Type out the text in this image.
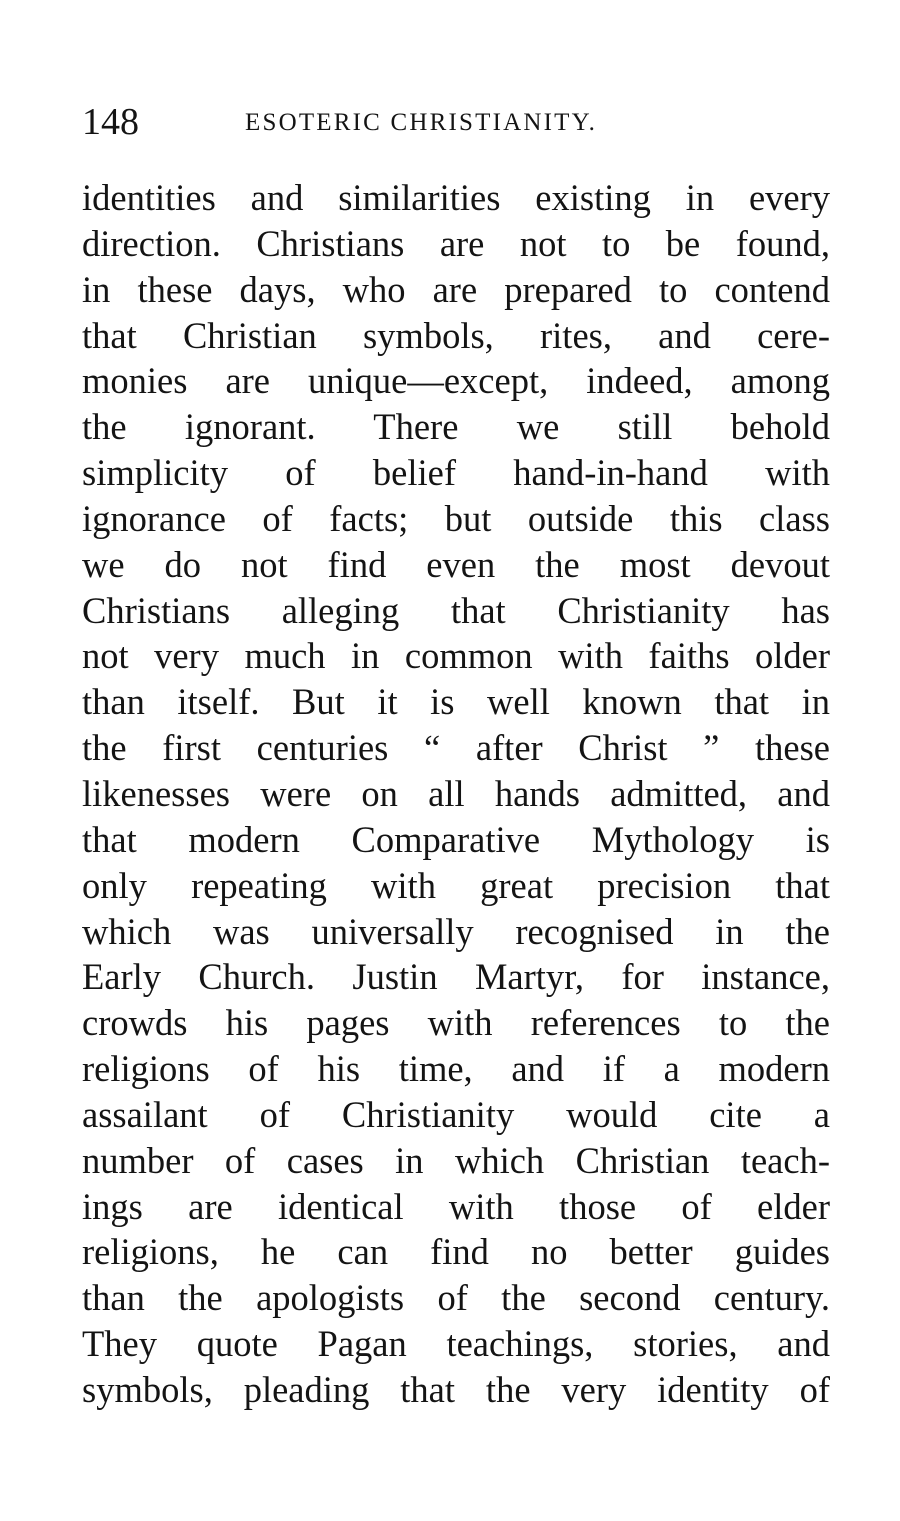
148	ESOTERIC CHRISTIANITY.
identities and similarities existing in every
direction. Christians are not to be found,
in these days, who are prepared to contend
that Christian symbols, rites, and cere-
monies are unique—except, indeed, among
the ignorant. There we still behold
simplicity of belief hand-in-hand with
ignorance of facts; but outside this class
we do not find even the most devout
Christians alleging that Christianity has
not very much in common with faiths older
than itself. But it is well known that in
the first centuries “ after Christ ” these
likenesses were on all hands admitted, and
that modern Comparative Mythology is
only repeating with great precision that
which was universally recognised in the
Early Church. Justin Martyr, for instance,
crowds his pages with references to the
religions of his time, and if a modern
assailant of Christianity would cite a
number of cases in which Christian teach-
ings are identical with those of elder
religions, he can find no better guides
than the apologists of the second century.
They quote Pagan teachings, stories, and
symbols, pleading that the very identity of
